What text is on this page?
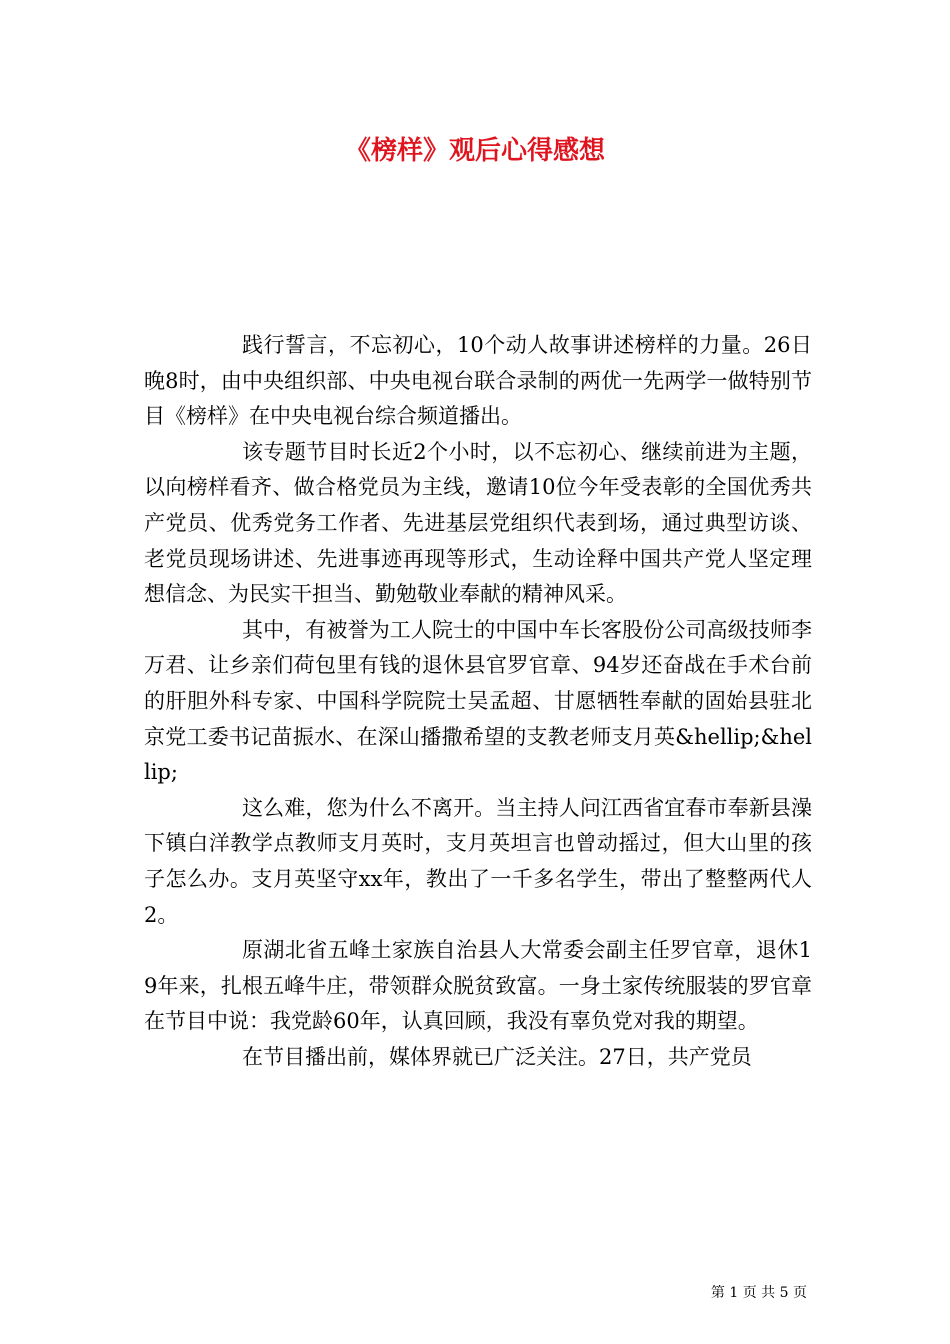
《榜样》观后心得感想

践行誓言，不忘初心，10个动人故事讲述榜样的力量。26日晚8时，由中央组织部、中央电视台联合录制的两优一先两学一做特别节目《榜样》在中央电视台综合频道播出。

该专题节目时长近2个小时，以不忘初心、继续前进为主题，以向榜样看齐、做合格党员为主线，邀请10位今年受表彰的全国优秀共产党员、优秀党务工作者、先进基层党组织代表到场，通过典型访谈、老党员现场讲述、先进事迹再现等形式，生动诠释中国共产党人坚定理想信念、为民实干担当、勤勉敬业奉献的精神风采。

其中，有被誉为工人院士的中国中车长客股份公司高级技师李万君、让乡亲们荷包里有钱的退休县官罗官章、94岁还奋战在手术台前的肝胆外科专家、中国科学院院士吴孟超、甘愿牺牲奉献的固始县驻北京党工委书记苗振水、在深山播撒希望的支教老师支月英&hellip;&hellip;

这么难，您为什么不离开。当主持人问江西省宜春市奉新县澡下镇白洋教学点教师支月英时，支月英坦言也曾动摇过，但大山里的孩子怎么办。支月英坚守xx年，教出了一千多名学生，带出了整整两代人2。

原湖北省五峰土家族自治县人大常委会副主任罗官章，退休19年来，扎根五峰牛庄，带领群众脱贫致富。一身土家传统服装的罗官章在节目中说：我党龄60年，认真回顾，我没有辜负党对我的期望。

在节目播出前，媒体界就已广泛关注。27日，共产党员

第 1 页 共 5 页
